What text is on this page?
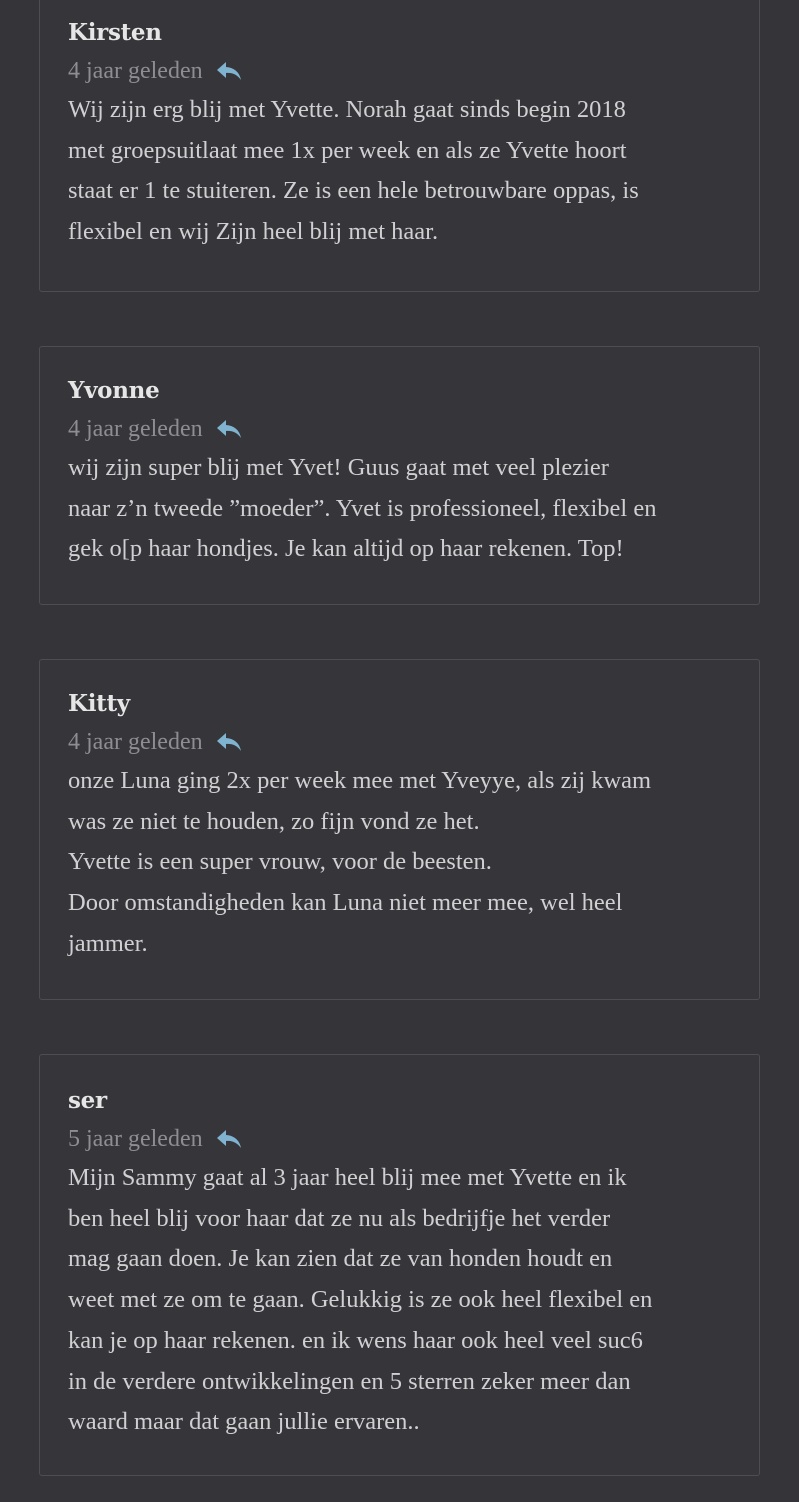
Kirsten
4 jaar geleden
Wij zijn erg blij met Yvette. Norah gaat sinds begin 2018
met groepsuitlaat mee 1x per week en als ze Yvette hoort
staat er 1 te stuiteren. Ze is een hele betrouwbare oppas, is
flexibel en wij Zijn heel blij met haar.
Yvonne
4 jaar geleden
wij zijn super blij met Yvet! Guus gaat met veel plezier
naar z’n tweede ”moeder”. Yvet is professioneel, flexibel en
gek o[p haar hondjes. Je kan altijd op haar rekenen. Top!
Kitty
4 jaar geleden
onze Luna ging 2x per week mee met Yveyye, als zij kwam
was ze niet te houden, zo fijn vond ze het.
Yvette is een super vrouw, voor de beesten.
Door omstandigheden kan Luna niet meer mee, wel heel
jammer.
ser
5 jaar geleden
Mijn Sammy gaat al 3 jaar heel blij mee met Yvette en ik
ben heel blij voor haar dat ze nu als bedrijfje het verder
mag gaan doen. Je kan zien dat ze van honden houdt en
weet met ze om te gaan. Gelukkig is ze ook heel flexibel en
kan je op haar rekenen. en ik wens haar ook heel veel suc6
in de verdere ontwikkelingen en 5 sterren zeker meer dan
waard maar dat gaan jullie ervaren..
